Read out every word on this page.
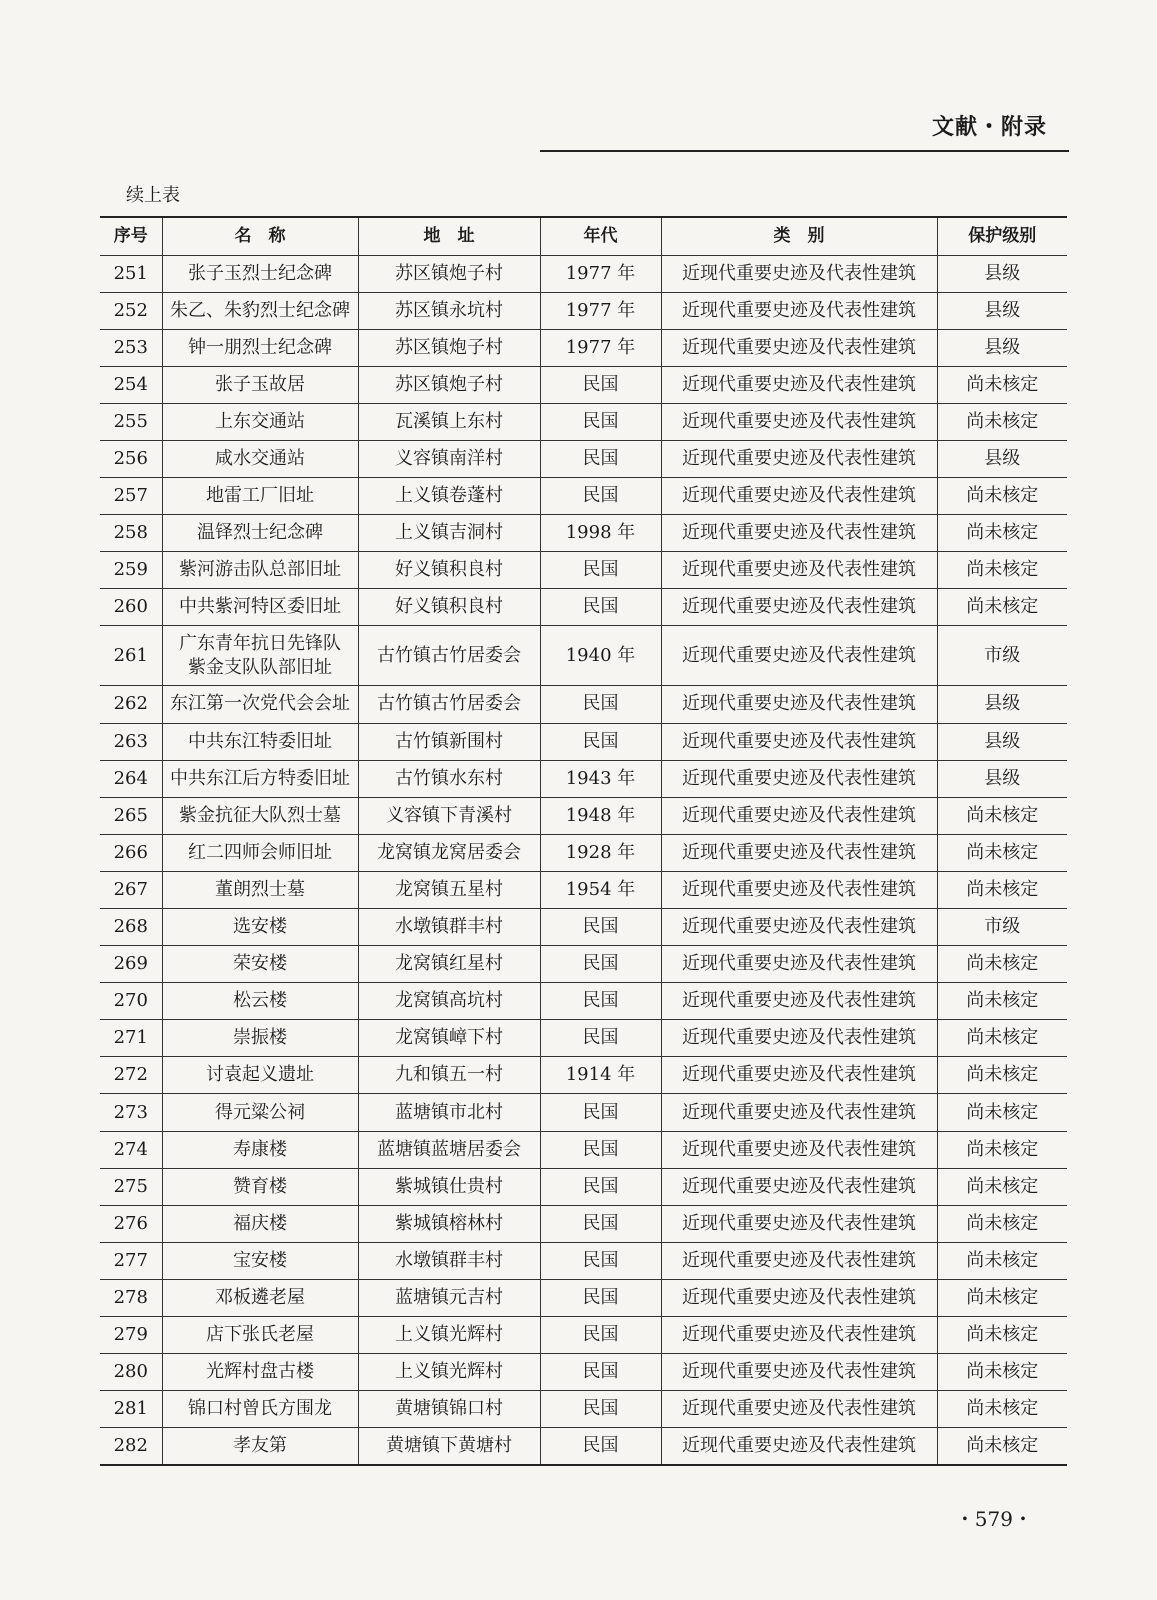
文献・附录
续上表
序号	名　称	地　址	年代	类　别	保护级别
251	张子玉烈士纪念碑	苏区镇炮子村	1977 年	近现代重要史迹及代表性建筑	县级
252	朱乙、朱豹烈士纪念碑	苏区镇永坑村	1977 年	近现代重要史迹及代表性建筑	县级
253	钟一朋烈士纪念碑	苏区镇炮子村	1977 年	近现代重要史迹及代表性建筑	县级
254	张子玉故居	苏区镇炮子村	民国	近现代重要史迹及代表性建筑	尚未核定
255	上东交通站	瓦溪镇上东村	民国	近现代重要史迹及代表性建筑	尚未核定
256	咸水交通站	义容镇南洋村	民国	近现代重要史迹及代表性建筑	县级
257	地雷工厂旧址	上义镇卷蓬村	民国	近现代重要史迹及代表性建筑	尚未核定
258	温铎烈士纪念碑	上义镇吉洞村	1998 年	近现代重要史迹及代表性建筑	尚未核定
259	紫河游击队总部旧址	好义镇积良村	民国	近现代重要史迹及代表性建筑	尚未核定
260	中共紫河特区委旧址	好义镇积良村	民国	近现代重要史迹及代表性建筑	尚未核定
261	广东青年抗日先锋队
紫金支队队部旧址	古竹镇古竹居委会	1940 年	近现代重要史迹及代表性建筑	市级
262	东江第一次党代会会址	古竹镇古竹居委会	民国	近现代重要史迹及代表性建筑	县级
263	中共东江特委旧址	古竹镇新围村	民国	近现代重要史迹及代表性建筑	县级
264	中共东江后方特委旧址	古竹镇水东村	1943 年	近现代重要史迹及代表性建筑	县级
265	紫金抗征大队烈士墓	义容镇下青溪村	1948 年	近现代重要史迹及代表性建筑	尚未核定
266	红二四师会师旧址	龙窝镇龙窝居委会	1928 年	近现代重要史迹及代表性建筑	尚未核定
267	董朗烈士墓	龙窝镇五星村	1954 年	近现代重要史迹及代表性建筑	尚未核定
268	选安楼	水墩镇群丰村	民国	近现代重要史迹及代表性建筑	市级
269	荣安楼	龙窝镇红星村	民国	近现代重要史迹及代表性建筑	尚未核定
270	松云楼	龙窝镇高坑村	民国	近现代重要史迹及代表性建筑	尚未核定
271	崇振楼	龙窝镇嶂下村	民国	近现代重要史迹及代表性建筑	尚未核定
272	讨袁起义遗址	九和镇五一村	1914 年	近现代重要史迹及代表性建筑	尚未核定
273	得元粱公祠	蓝塘镇市北村	民国	近现代重要史迹及代表性建筑	尚未核定
274	寿康楼	蓝塘镇蓝塘居委会	民国	近现代重要史迹及代表性建筑	尚未核定
275	赞育楼	紫城镇仕贵村	民国	近现代重要史迹及代表性建筑	尚未核定
276	福庆楼	紫城镇榕林村	民国	近现代重要史迹及代表性建筑	尚未核定
277	宝安楼	水墩镇群丰村	民国	近现代重要史迹及代表性建筑	尚未核定
278	邓板遴老屋	蓝塘镇元吉村	民国	近现代重要史迹及代表性建筑	尚未核定
279	店下张氏老屋	上义镇光辉村	民国	近现代重要史迹及代表性建筑	尚未核定
280	光辉村盘古楼	上义镇光辉村	民国	近现代重要史迹及代表性建筑	尚未核定
281	锦口村曾氏方围龙	黄塘镇锦口村	民国	近现代重要史迹及代表性建筑	尚未核定
282	孝友第	黄塘镇下黄塘村	民国	近现代重要史迹及代表性建筑	尚未核定
・579・
